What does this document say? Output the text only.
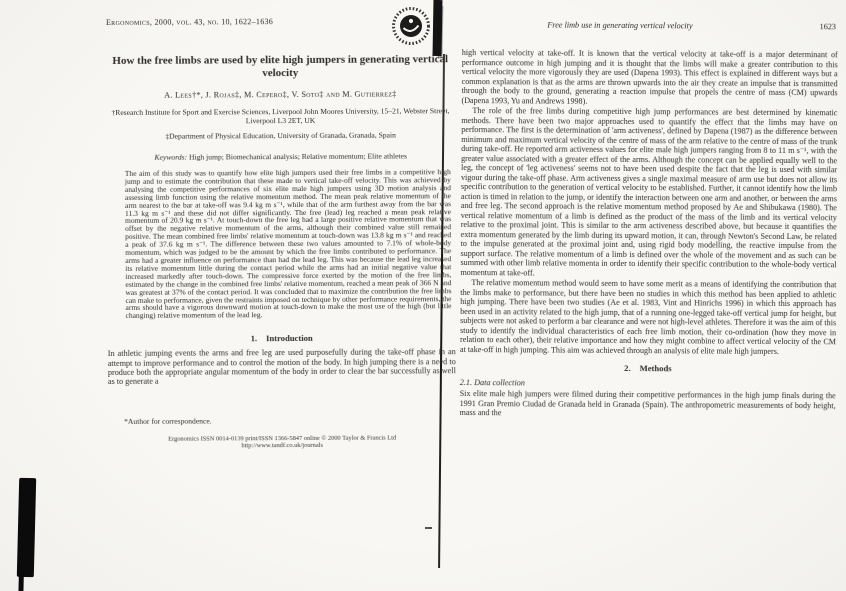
Ergonomics, 2000, vol. 43, no. 10, 1622–1636
How the free limbs are used by elite high jumpers in generating vertical velocity
A. Lees†*, J. Rojas‡, M. Cepero‡, V. Soto‡ and M. Gutierrez‡
†Research Institute for Sport and Exercise Sciences, Liverpool John Moores University, 15–21, Webster Street, Liverpool L3 2ET, UK
‡Department of Physical Education, University of Granada, Granada, Spain
Keywords: High jump; Biomechanical analysis; Relative momentum; Elite athletes
The aim of this study was to quantify how elite high jumpers used their free limbs in a competitive high jump and to estimate the contribution that these made to vertical take-off velocity. This was achieved by analysing the competitive performances of six elite male high jumpers using 3D motion analysis and assessing limb function using the relative momentum method. The mean peak relative momentum of the arm nearest to the bar at take-off was 9.4 kg m s⁻¹, while that of the arm furthest away from the bar was 11.3 kg m s⁻¹ and these did not differ significantly. The free (lead) leg reached a mean peak relative momentum of 20.9 kg m s⁻¹. At touch-down the free leg had a large positive relative momentum that was offset by the negative relative momentum of the arms, although their combined value still remained positive. The mean combined free limbs' relative momentum at touch-down was 13.8 kg m s⁻¹ and reached a peak of 37.6 kg m s⁻¹. The difference between these two values amounted to 7.1% of whole-body momentum, which was judged to be the amount by which the free limbs contributed to performance. The arms had a greater influence on performance than had the lead leg. This was because the lead leg increased its relative momentum little during the contact period while the arms had an initial negative value that increased markedly after touch-down. The compressive force exerted by the motion of the free limbs, estimated by the change in the combined free limbs' relative momentum, reached a mean peak of 366 N and was greatest at 37% of the contact period. It was concluded that to maximize the contribution the free limbs can make to performance, given the restraints imposed on technique by other performance requirements, the arms should have a vigorous downward motion at touch-down to make the most use of the high (but little changing) relative momentum of the lead leg.
1. Introduction
In athletic jumping events the arms and free leg are used purposefully during the take-off phase in an attempt to improve performance and to control the motion of the body. In high jumping there is a need to produce both the appropriate angular momentum of the body in order to clear the bar successfully as well as to generate a
*Author for correspondence.
Ergonomics ISSN 0014-0139 print/ISSN 1366-5847 online © 2000 Taylor & Francis Ltd
http://www.tandf.co.uk/journals
Free limb use in generating vertical velocity	1623
high vertical velocity at take-off. It is known that the vertical velocity at take-off is a major determinant of performance outcome in high jumping and it is thought that the limbs will make a greater contribution to this vertical velocity the more vigorously they are used (Dapena 1993). This effect is explained in different ways but a common explanation is that as the arms are thrown upwards into the air they create an impulse that is transmitted through the body to the ground, generating a reaction impulse that propels the centre of mass (CM) upwards (Dapena 1993, Yu and Andrews 1998).
The role of the free limbs during competitive high jump performances are best determined by kinematic methods. There have been two major approaches used to quantify the effect that the limbs may have on performance. The first is the determination of 'arm activeness', defined by Dapena (1987) as the difference between minimum and maximum vertical velocity of the centre of mass of the arm relative to the centre of mass of the trunk during take-off. He reported arm activeness values for elite male high jumpers ranging from 8 to 11 m s⁻¹, with the greater value associated with a greater effect of the arms. Although the concept can be applied equally well to the leg, the concept of 'leg activeness' seems not to have been used despite the fact that the leg is used with similar vigour during the take-off phase. Arm activeness gives a single maximal measure of arm use but does not allow its specific contribution to the generation of vertical velocity to be established. Further, it cannot identify how the limb action is timed in relation to the jump, or identify the interaction between one arm and another, or between the arms and free leg. The second approach is the relative momentum method proposed by Ae and Shibukawa (1980). The vertical relative momentum of a limb is defined as the product of the mass of the limb and its vertical velocity relative to the proximal joint. This is similar to the arm activeness described above, but because it quantifies the extra momentum generated by the limb during its upward motion, it can, through Newton's Second Law, be related to the impulse generated at the proximal joint and, using rigid body modelling, the reactive impulse from the support surface. The relative momentum of a limb is defined over the whole of the movement and as such can be summed with other limb relative momenta in order to identify their specific contribution to the whole-body vertical momentum at take-off.
The relative momentum method would seem to have some merit as a means of identifying the contribution that the limbs make to performance, but there have been no studies in which this method has been applied to athletic high jumping. There have been two studies (Ae et al. 1983, Vint and Hinrichs 1996) in which this approach has been used in an activity related to the high jump, that of a running one-legged take-off vertical jump for height, but subjects were not asked to perform a bar clearance and were not high-level athletes. Therefore it was the aim of this study to identify the individual characteristics of each free limb motion, their co-ordination (how they move in relation to each other), their relative importance and how they might combine to affect vertical velocity of the CM at take-off in high jumping. This aim was achieved through an analysis of elite male high jumpers.
2. Methods
2.1. Data collection
Six elite male high jumpers were filmed during their competitive performances in the high jump finals during the 1991 Gran Premio Ciudad de Granada held in Granada (Spain). The anthropometric measurements of body height, mass and the
